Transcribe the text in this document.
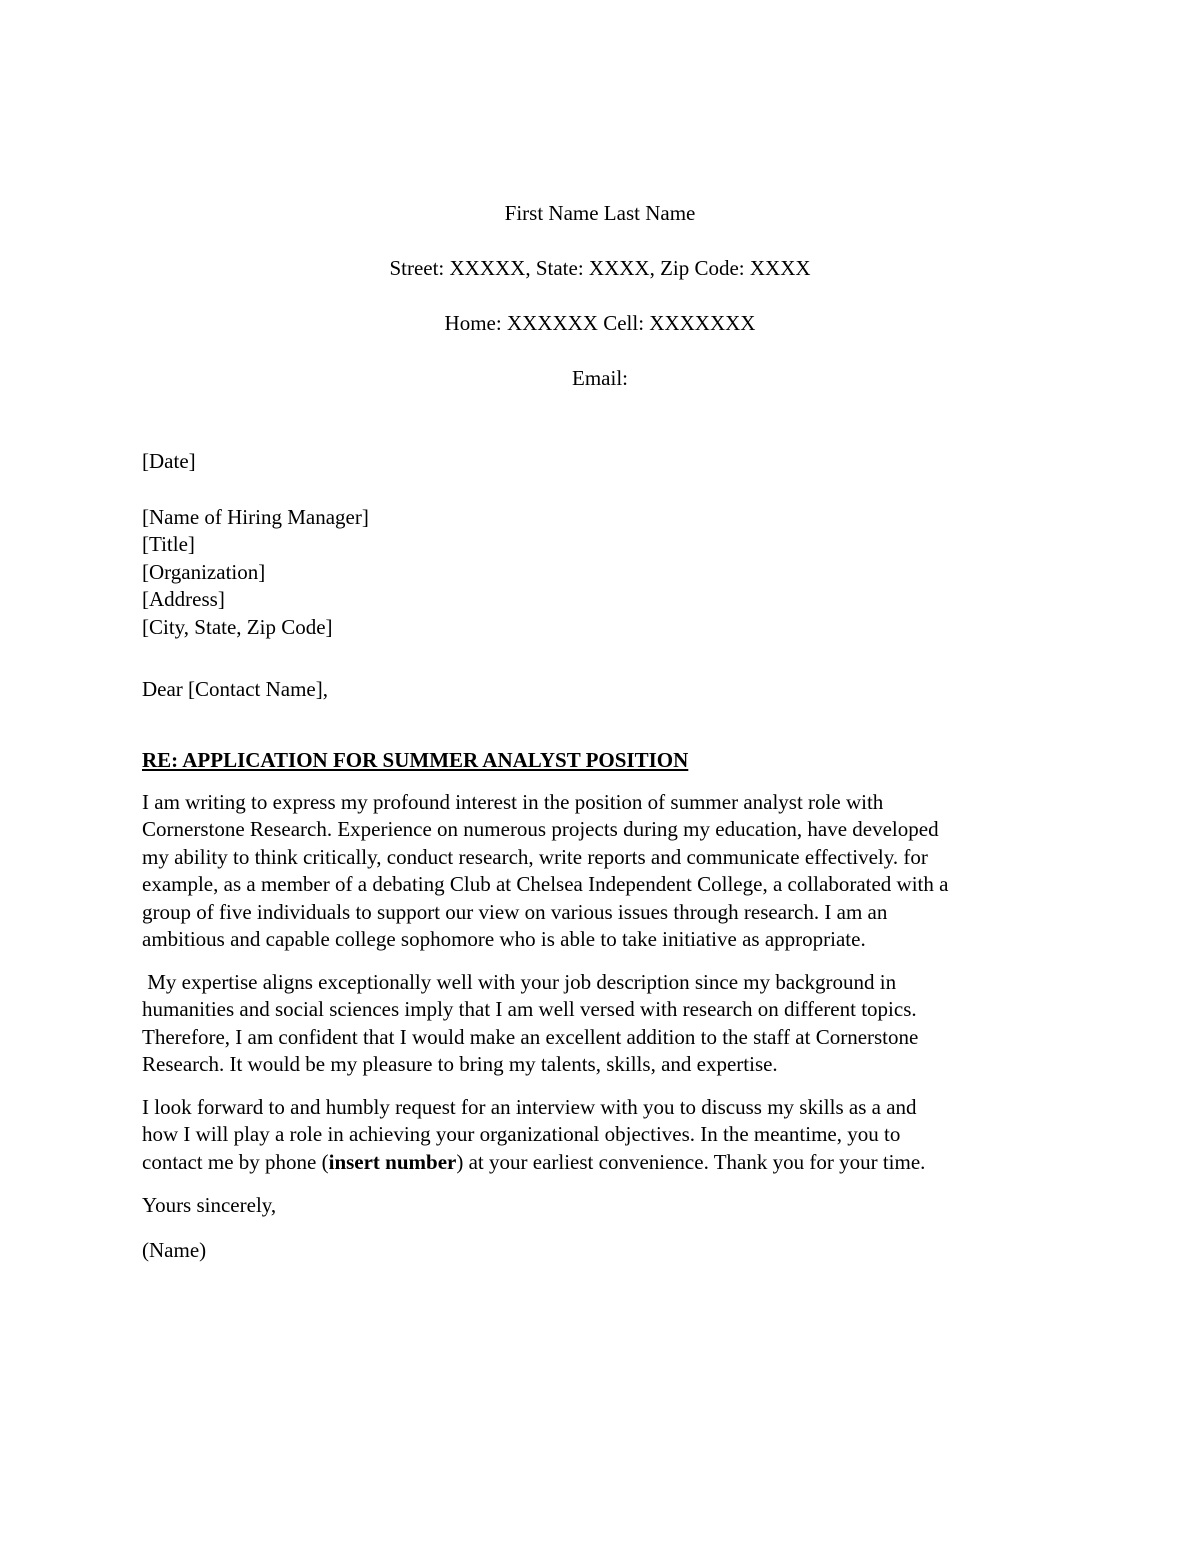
First Name Last Name
Street: XXXXX, State: XXXX, Zip Code: XXXX
Home: XXXXXX Cell: XXXXXXX
Email:
[Date]
[Name of Hiring Manager]
[Title]
[Organization]
[Address]
[City, State, Zip Code]
Dear [Contact Name],
RE: APPLICATION FOR SUMMER ANALYST POSITION
I am writing to express my profound interest in the position of summer analyst role with
Cornerstone Research. Experience on numerous projects during my education, have developed
my ability to think critically, conduct research, write reports and communicate effectively. for
example, as a member of a debating Club at Chelsea Independent College, a collaborated with a
group of five individuals to support our view on various issues through research. I am an
ambitious and capable college sophomore who is able to take initiative as appropriate.
My expertise aligns exceptionally well with your job description since my background in
humanities and social sciences imply that I am well versed with research on different topics.
Therefore, I am confident that I would make an excellent addition to the staff at Cornerstone
Research. It would be my pleasure to bring my talents, skills, and expertise.
I look forward to and humbly request for an interview with you to discuss my skills as a and
how I will play a role in achieving your organizational objectives. In the meantime, you to
contact me by phone (insert number) at your earliest convenience. Thank you for your time.
Yours sincerely,
(Name)
